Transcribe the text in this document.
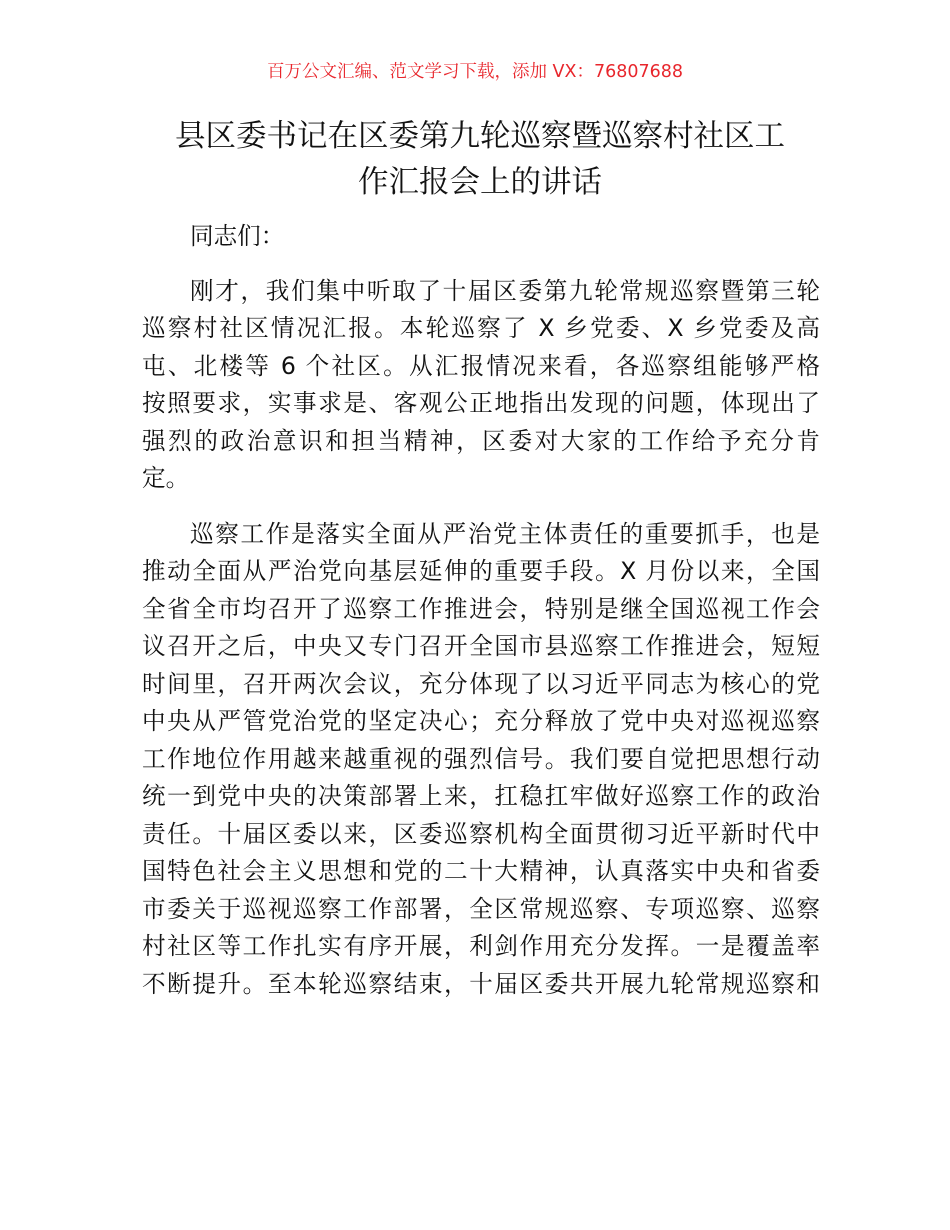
百万公文汇编、范文学习下载，添加 VX：76807688
县区委书记在区委第九轮巡察暨巡察村社区工
作汇报会上的讲话
同志们：
刚才，我们集中听取了十届区委第九轮常规巡察暨第三轮
巡察村社区情况汇报。本轮巡察了 X 乡党委、X 乡党委及高
屯、北楼等 6 个社区。从汇报情况来看，各巡察组能够严格
按照要求，实事求是、客观公正地指出发现的问题，体现出了
强烈的政治意识和担当精神，区委对大家的工作给予充分肯
定。
巡察工作是落实全面从严治党主体责任的重要抓手，也是
推动全面从严治党向基层延伸的重要手段。X 月份以来，全国
全省全市均召开了巡察工作推进会，特别是继全国巡视工作会
议召开之后，中央又专门召开全国市县巡察工作推进会，短短
时间里，召开两次会议，充分体现了以习近平同志为核心的党
中央从严管党治党的坚定决心；充分释放了党中央对巡视巡察
工作地位作用越来越重视的强烈信号。我们要自觉把思想行动
统一到党中央的决策部署上来，扛稳扛牢做好巡察工作的政治
责任。十届区委以来，区委巡察机构全面贯彻习近平新时代中
国特色社会主义思想和党的二十大精神，认真落实中央和省委
市委关于巡视巡察工作部署，全区常规巡察、专项巡察、巡察
村社区等工作扎实有序开展，利剑作用充分发挥。一是覆盖率
不断提升。至本轮巡察结束，十届区委共开展九轮常规巡察和
